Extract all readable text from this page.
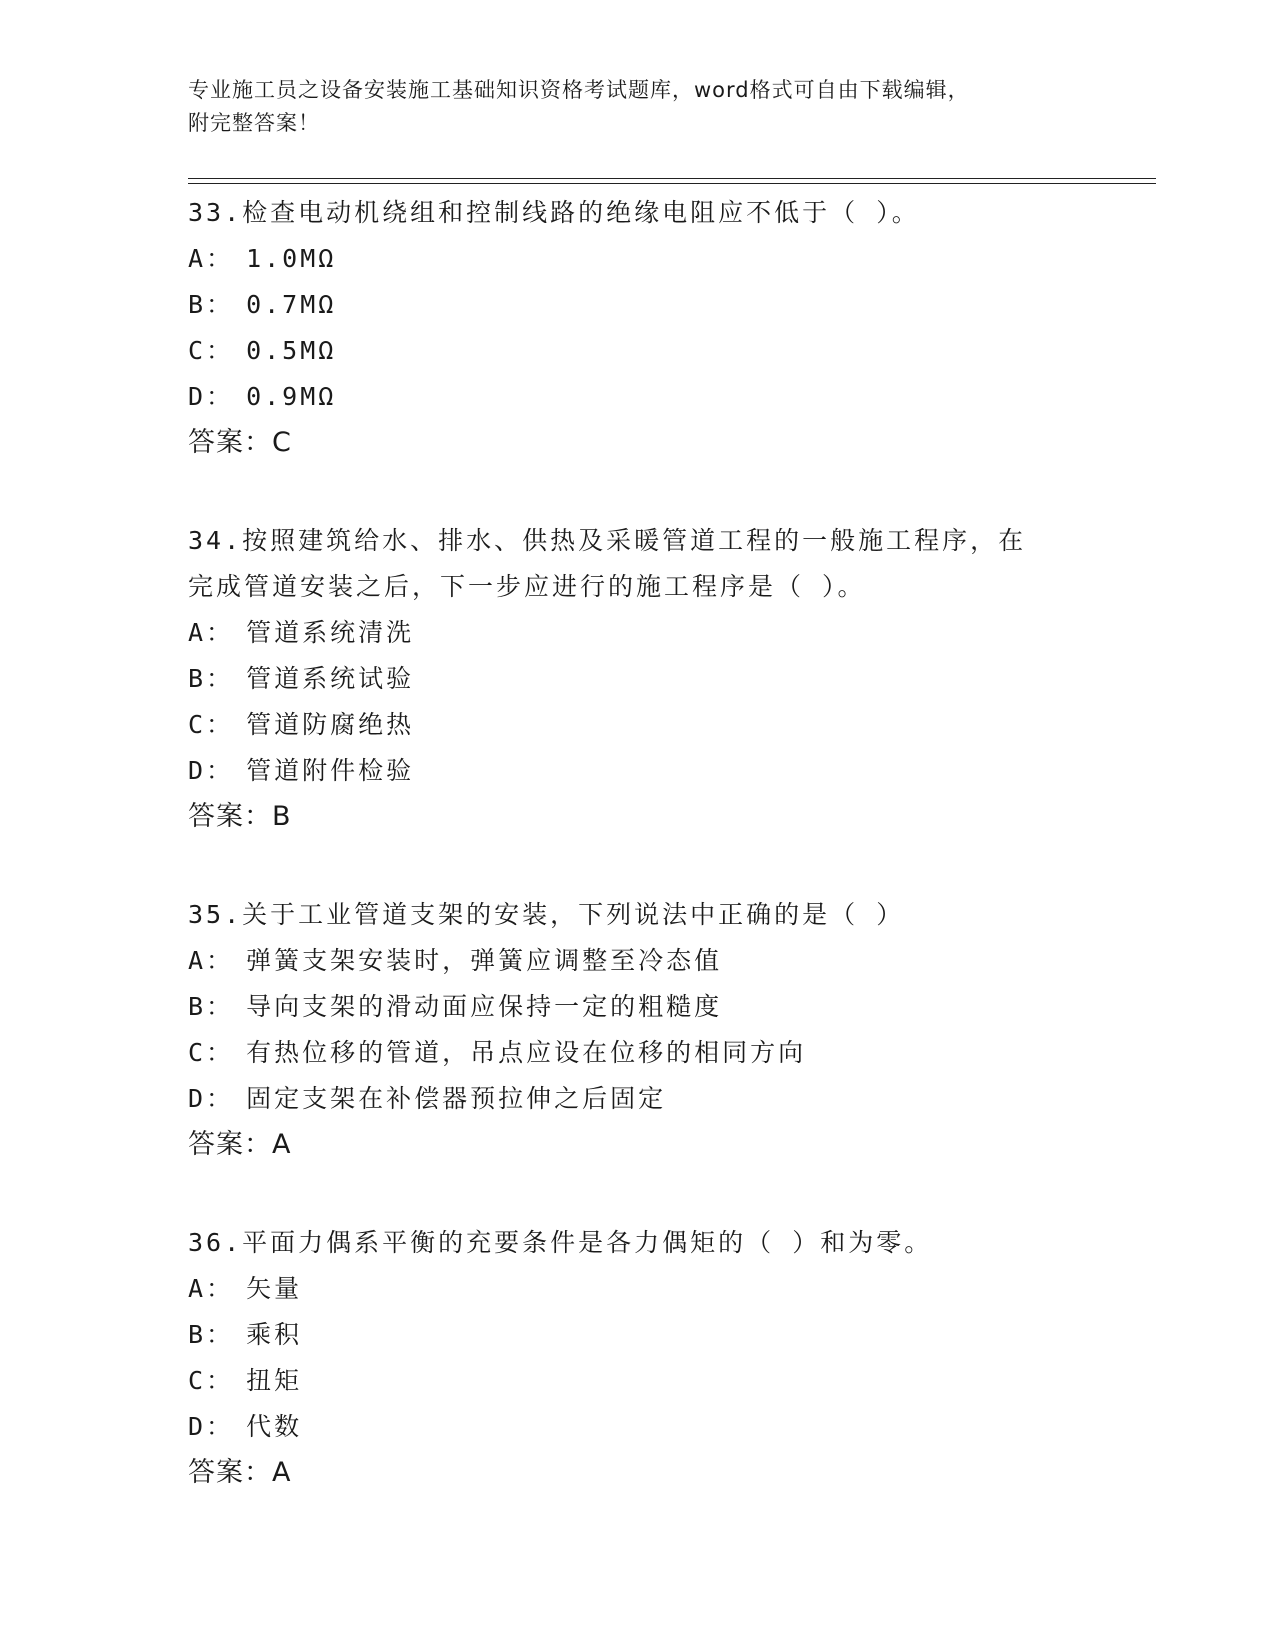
专业施工员之设备安装施工基础知识资格考试题库，word格式可自由下载编辑，

附完整答案！

33.检查电动机绕组和控制线路的绝缘电阻应不低于（ ）。

A： 1.0MΩ

B： 0.7MΩ

C： 0.5MΩ

D： 0.9MΩ

答案：C

34.按照建筑给水、排水、供热及采暖管道工程的一般施工程序，在完成管道安装之后，下一步应进行的施工程序是（ ）。

A： 管道系统清洗

B： 管道系统试验

C： 管道防腐绝热

D： 管道附件检验

答案：B

35.关于工业管道支架的安装，下列说法中正确的是（ ）

A： 弹簧支架安装时，弹簧应调整至冷态值

B： 导向支架的滑动面应保持一定的粗糙度

C： 有热位移的管道，吊点应设在位移的相同方向

D： 固定支架在补偿器预拉伸之后固定

答案：A

36.平面力偶系平衡的充要条件是各力偶矩的（ ）和为零。

A： 矢量

B： 乘积

C： 扭矩

D： 代数

答案：A
